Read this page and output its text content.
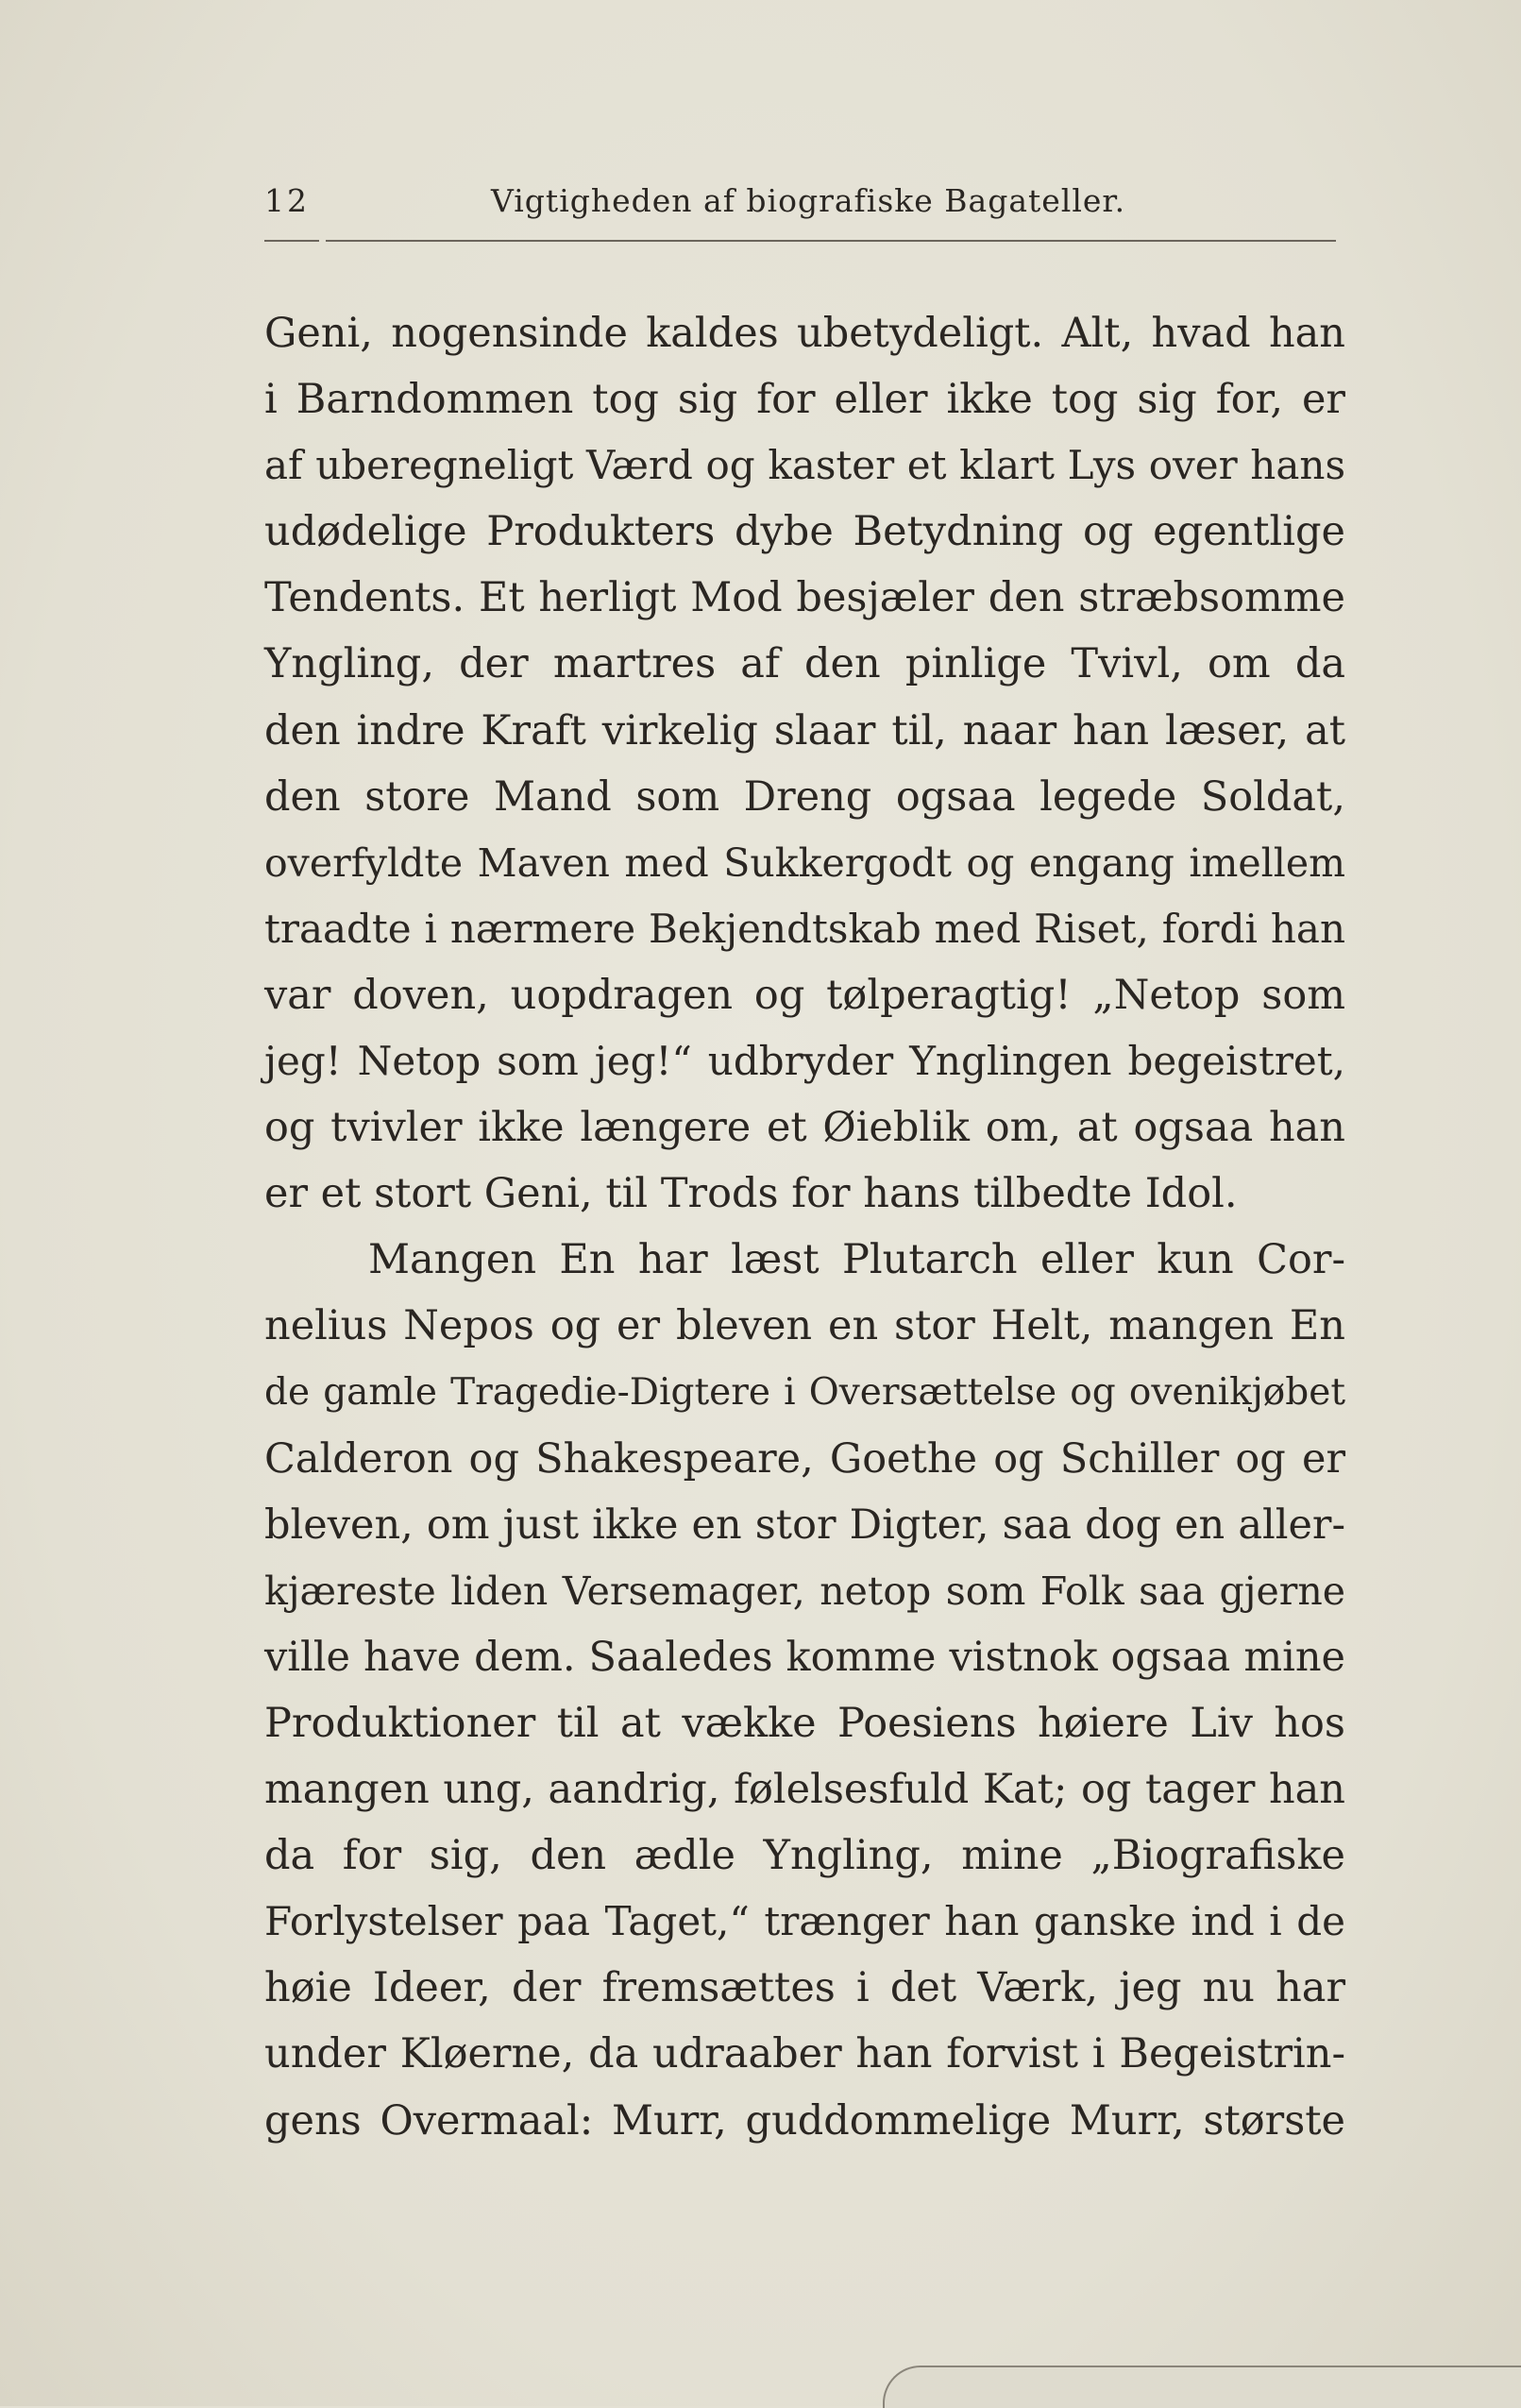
12	Vigtigheden af biografiske Bagateller.
Geni, nogensinde kaldes ubetydeligt. Alt, hvad han
i Barndommen tog sig for eller ikke tog sig for, er
af uberegneligt Værd og kaster et klart Lys over hans
udødelige Produkters dybe Betydning og egentlige
Tendents. Et herligt Mod besjæler den stræbsomme
Yngling, der martres af den pinlige Tvivl, om da
den indre Kraft virkelig slaar til, naar han læser, at
den store Mand som Dreng ogsaa legede Soldat,
overfyldte Maven med Sukkergodt og engang imellem
traadte i nærmere Bekjendtskab med Riset, fordi han
var doven, uopdragen og tølperagtig! „Netop som
jeg! Netop som jeg!“ udbryder Ynglingen begeistret,
og tvivler ikke længere et Øieblik om, at ogsaa han
er et stort Geni, til Trods for hans tilbedte Idol.
Mangen En har læst Plutarch eller kun Cor-
nelius Nepos og er bleven en stor Helt, mangen En
de gamle Tragedie-Digtere i Oversættelse og ovenikjøbet
Calderon og Shakespeare, Goethe og Schiller og er
bleven, om just ikke en stor Digter, saa dog en aller-
kjæreste liden Versemager, netop som Folk saa gjerne
ville have dem. Saaledes komme vistnok ogsaa mine
Produktioner til at vække Poesiens høiere Liv hos
mangen ung, aandrig, følelsesfuld Kat; og tager han
da for sig, den ædle Yngling, mine „Biografiske
Forlystelser paa Taget,“ trænger han ganske ind i de
høie Ideer, der fremsættes i det Værk, jeg nu har
under Kløerne, da udraaber han forvist i Begeistrin-
gens Overmaal: Murr, guddommelige Murr, største
